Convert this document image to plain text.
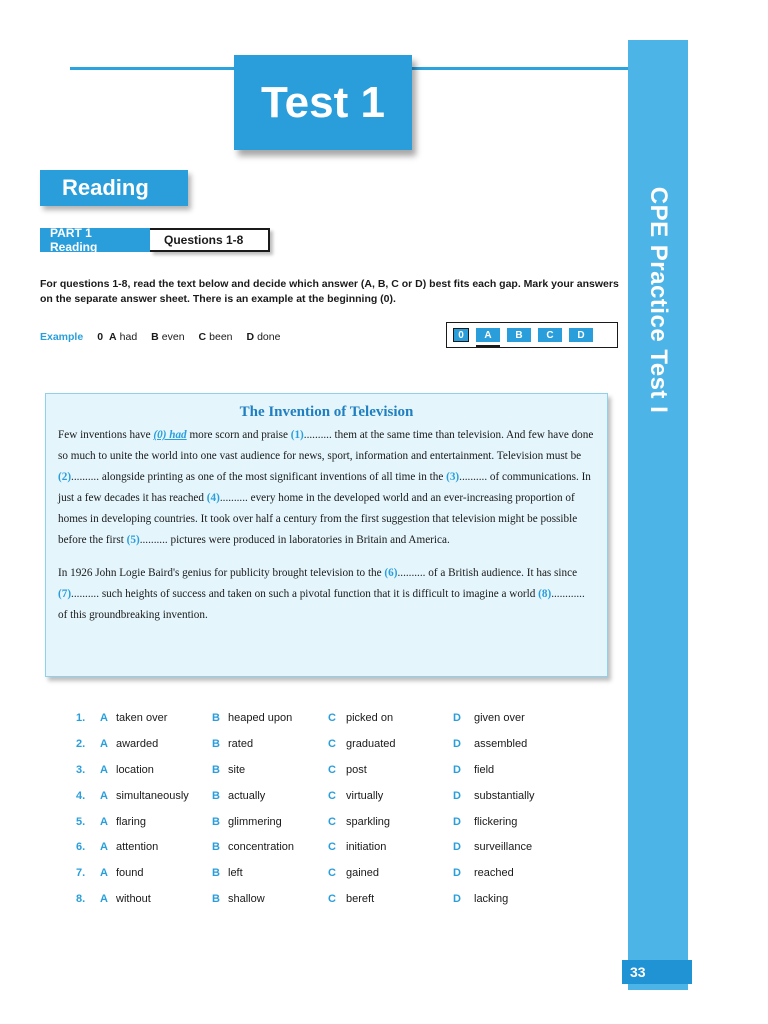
CPE Practice Test I
33
Test 1
Reading
PART 1 Reading	Questions 1-8
For questions 1-8, read the text below and decide which answer (A, B, C or D) best fits each gap. Mark your answers on the separate answer sheet. There is an example at the beginning (0).
Example 0 A had B even C been D done	0	A	B	C	D
The Invention of Television

Few inventions have (0) had more scorn and praise (1).......... them at the same time than television. And few have done so much to unite the world into one vast audience for news, sport, information and entertainment. Television must be (2).......... alongside printing as one of the most significant inventions of all time in the (3).......... of communications. In just a few decades it has reached (4).......... every home in the developed world and an ever-increasing proportion of homes in developing countries. It took over half a century from the first suggestion that television might be possible before the first (5).......... pictures were produced in laboratories in Britain and America.

In 1926 John Logie Baird's genius for publicity brought television to the (6).......... of a British audience. It has since (7).......... such heights of success and taken on such a pivotal function that it is difficult to imagine a world (8)............ of this groundbreaking invention.

1. A taken over	B heaped upon	C picked on	D given over
2. A awarded	B rated	C graduated	D assembled
3. A location	B site	C post	D field
4. A simultaneously B actually	C virtually	D substantially
5. A flaring	B glimmering	C sparkling	D flickering
6. A attention	B concentration	C initiation	D surveillance
7. A found	B left	C gained	D reached
8. A without	B shallow	C bereft	D lacking
